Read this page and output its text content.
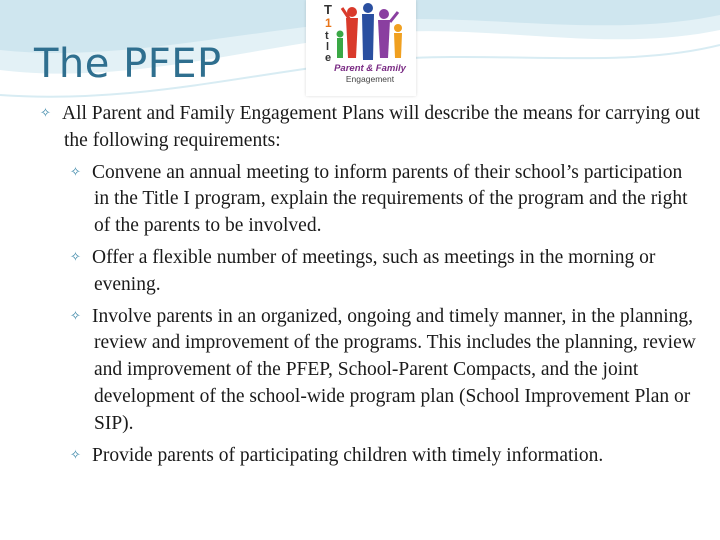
The PFEP
T
1
t
l
e
Parent & Family
Engagement
✧ All Parent and Family Engagement Plans will describe the means for carrying out the following requirements:
✧ Convene an annual meeting to inform parents of their school’s participation in the Title I program, explain the requirements of the program and the right of the parents to be involved.
✧ Offer a flexible number of meetings, such as meetings in the morning or evening.
✧ Involve parents in an organized, ongoing and timely manner, in the planning, review and improvement of the programs. This includes the planning, review and improvement of the PFEP, School-Parent Compacts, and the joint development of the school-wide program plan (School Improvement Plan or SIP).
✧ Provide parents of participating children with timely information.
